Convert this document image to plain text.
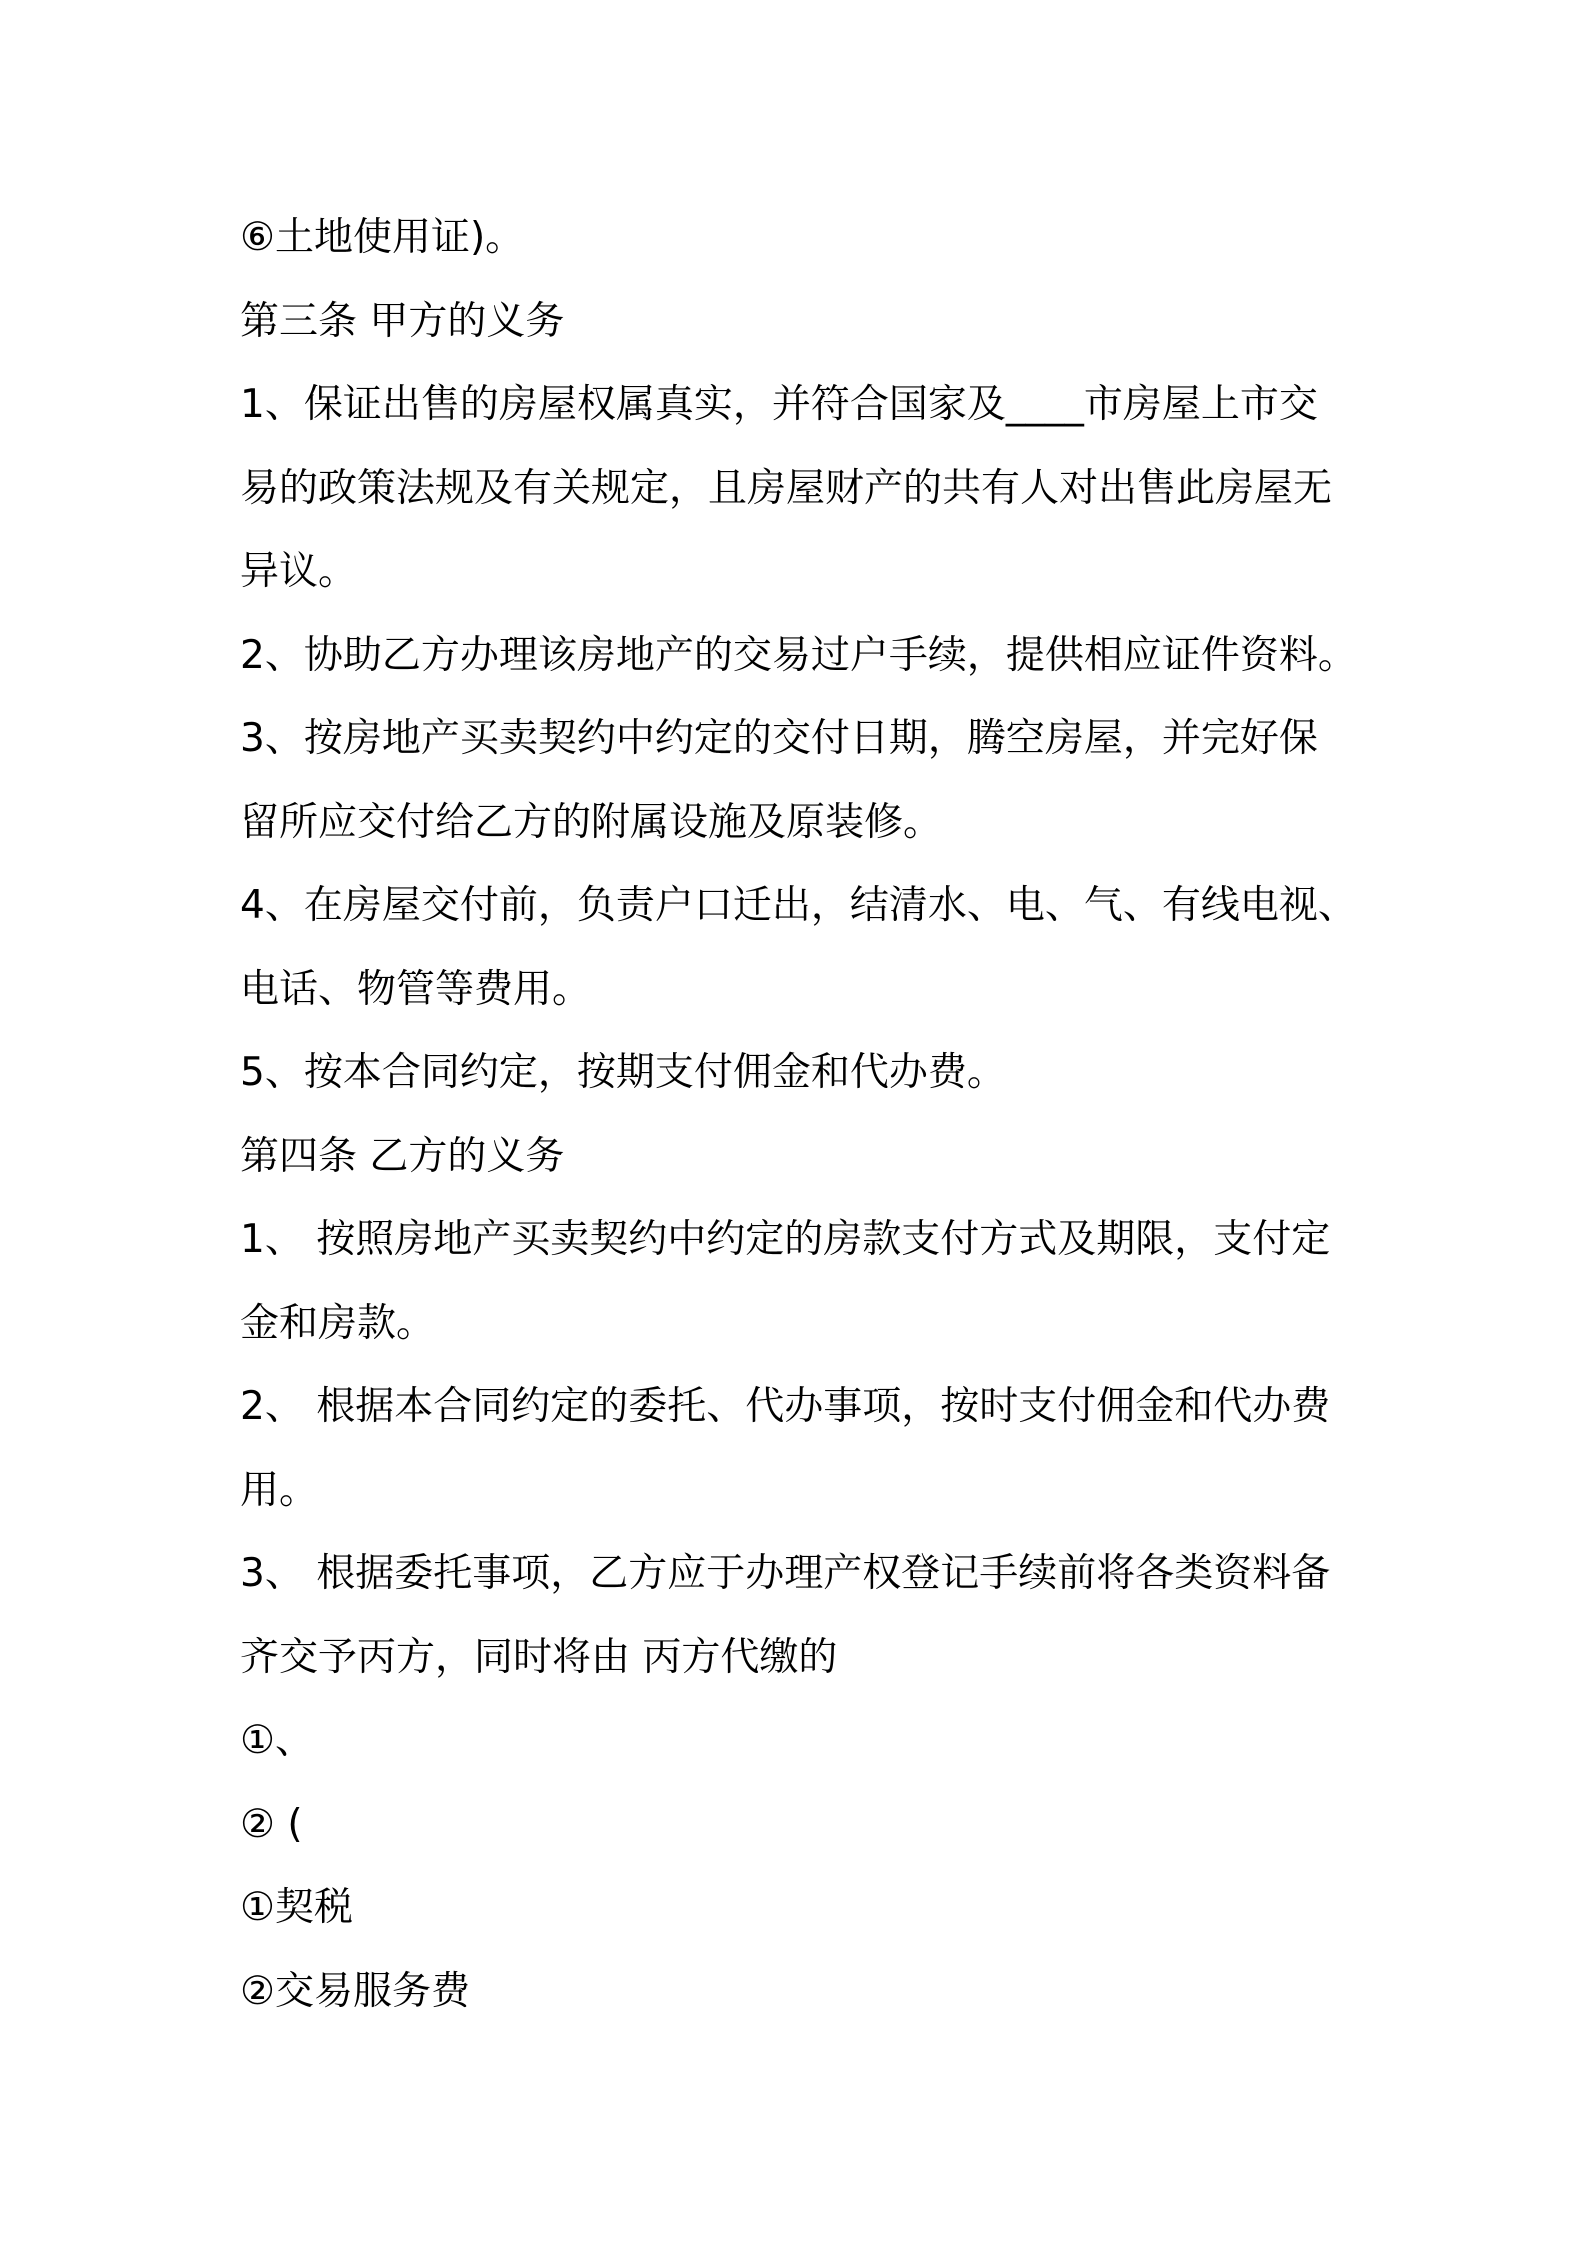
⑥土地使用证)。
第三条 甲方的义务
1、保证出售的房屋权属真实，并符合国家及____市房屋上市交
易的政策法规及有关规定，且房屋财产的共有人对出售此房屋无
异议。
2、协助乙方办理该房地产的交易过户手续，提供相应证件资料。
3、按房地产买卖契约中约定的交付日期，腾空房屋，并完好保
留所应交付给乙方的附属设施及原装修。
4、在房屋交付前，负责户口迁出，结清水、电、气、有线电视、
电话、物管等费用。
5、按本合同约定，按期支付佣金和代办费。
第四条 乙方的义务
1、 按照房地产买卖契约中约定的房款支付方式及期限，支付定
金和房款。
2、 根据本合同约定的委托、代办事项，按时支付佣金和代办费
用。
3、 根据委托事项，乙方应于办理产权登记手续前将各类资料备
齐交予丙方，同时将由 丙方代缴的
①、
② (
①契税
②交易服务费
